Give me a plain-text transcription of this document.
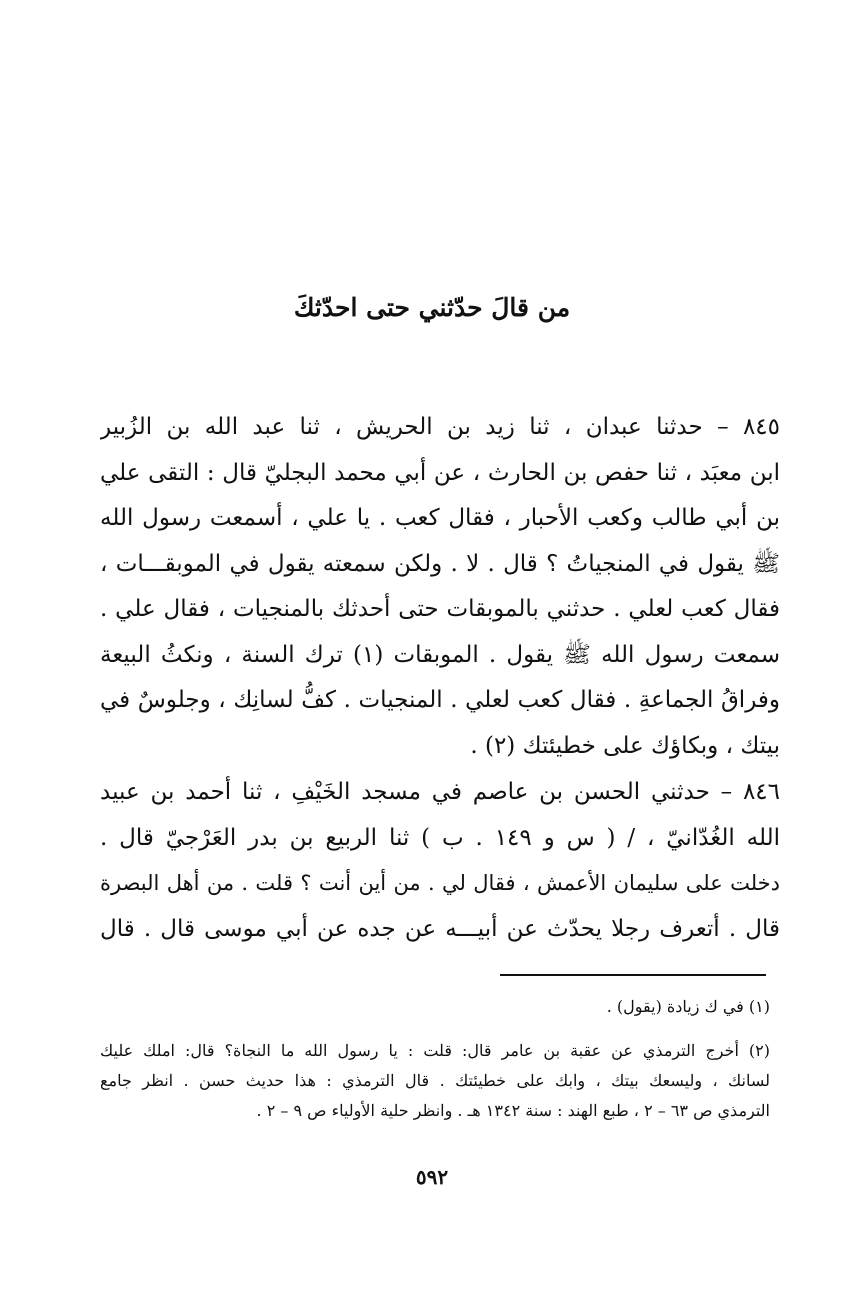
من قالَ حدّثني حتى احدّثكَ
٨٤٥ – حدثنا عبدان ، ثنا زيد بن الحريش ، ثنا عبد الله بن الزُبير
ابن معبَد ، ثنا حفص بن الحارث ، عن أبي محمد البجليّ قال : التقى علي
بن أبي طالب وكعب الأحبار ، فقال كعب . يا علي ، أسمعت رسول الله
ﷺ يقول في المنجياتُ ؟ قال . لا . ولكن سمعته يقول في الموبقـــات ،
فقال كعب لعلي . حدثني بالموبقات حتى أحدثك بالمنجيات ، فقال علي .
سمعت رسول الله ﷺ يقول . الموبقات (١) ترك السنة ، ونكثُ البيعة
وفراقُ الجماعةِ . فقال كعب لعلي . المنجيات . كفُّ لسانِك ، وجلوسٌ في
بيتك ، وبكاؤك على خطيئتك (٢) .
٨٤٦ – حدثني الحسن بن عاصم في مسجد الخَيْفِ ، ثنا أحمد بن عبيد
الله الغُدّانيّ ، / ( س و ١٤٩ . ب ) ثنا الربيع بن بدر العَرْجيّ قال .
دخلت على سليمان الأعمش ، فقال لي . من أين أنت ؟ قلت . من أهل البصرة
قال . أتعرف رجلا يحدّث عن أبيـــه عن جده عن أبي موسى قال . قال
(١) في ك زيادة (يقول) .
(٢) أخرج الترمذي عن عقبة بن عامر قال: قلت : يا رسول الله ما النجاة؟ قال: املك عليك
لسانك ، وليسعك بيتك ، وابك على خطيئتك . قال الترمذي : هذا حديث حسن . انظر جامع
الترمذي ص ٦٣ – ٢ ، طبع الهند : سنة ١٣٤٢ هـ . وانظر حلية الأولياء ص ٩ – ٢ .
٥٩٢
